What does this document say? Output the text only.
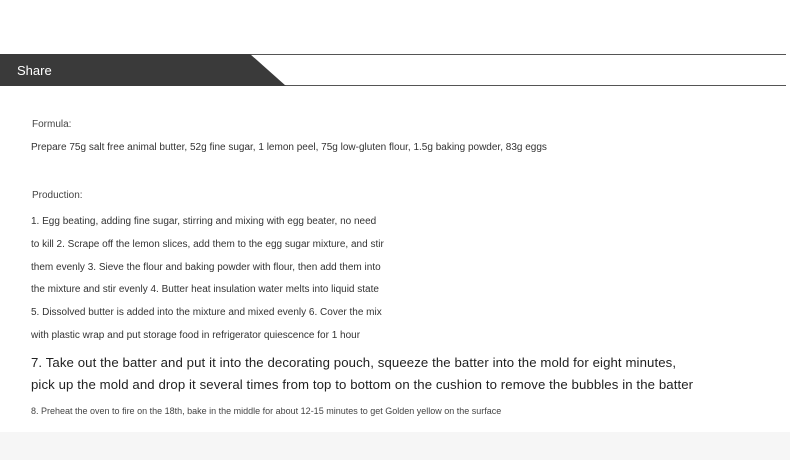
Share
Formula:
Prepare 75g salt free animal butter, 52g fine sugar, 1 lemon peel, 75g low-gluten flour, 1.5g baking powder, 83g eggs
Production:
1. Egg beating, adding fine sugar, stirring and mixing with egg beater, no need
to kill 2. Scrape off the lemon slices, add them to the egg sugar mixture, and stir
them evenly 3. Sieve the flour and baking powder with flour, then add them into
the mixture and stir evenly 4. Butter heat insulation water melts into liquid state
5. Dissolved butter is added into the mixture and mixed evenly 6. Cover the mix
with plastic wrap and put storage food in refrigerator quiescence for 1 hour
7. Take out the batter and put it into the decorating pouch, squeeze the batter into the mold for eight minutes,
pick up the mold and drop it several times from top to bottom on the cushion to remove the bubbles in the batter
8. Preheat the oven to fire on the 18th, bake in the middle for about 12-15 minutes to get Golden yellow on the surface
